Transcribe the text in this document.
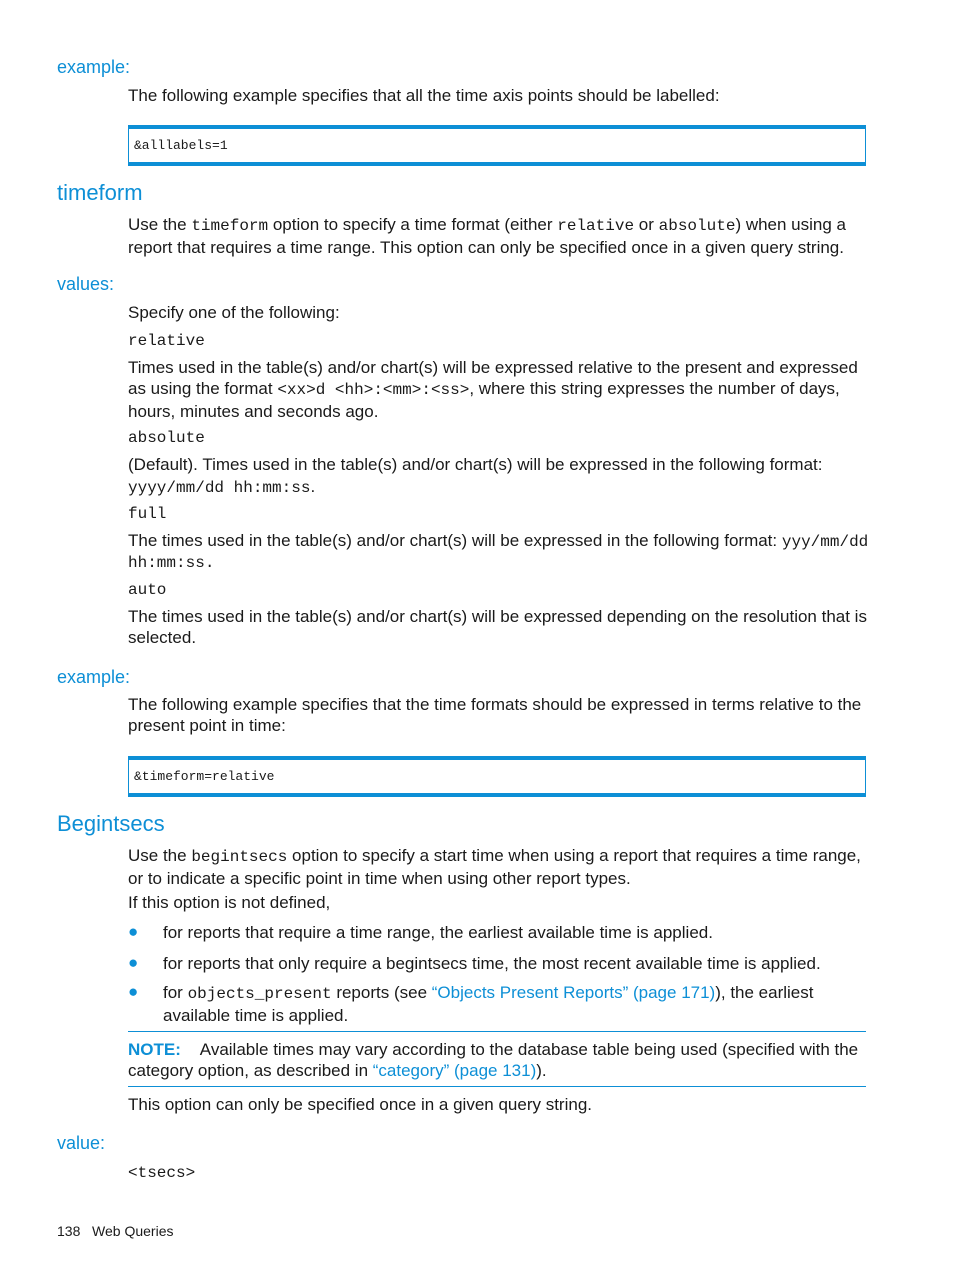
example:
The following example specifies that all the time axis points should be labelled:
&alllabels=1
timeform
Use the timeform option to specify a time format (either relative or absolute) when using a report that requires a time range. This option can only be specified once in a given query string.
values:
Specify one of the following:
relative
Times used in the table(s) and/or chart(s) will be expressed relative to the present and expressed as using the format <xx>d <hh>:<mm>:<ss>, where this string expresses the number of days, hours, minutes and seconds ago.
absolute
(Default). Times used in the table(s) and/or chart(s) will be expressed in the following format:
yyyy/mm/dd hh:mm:ss.
full
The times used in the table(s) and/or chart(s) will be expressed in the following format: yyy/mm/dd
hh:mm:ss.
auto
The times used in the table(s) and/or chart(s) will be expressed depending on the resolution that is selected.
example:
The following example specifies that the time formats should be expressed in terms relative to the present point in time:
&timeform=relative
Begintsecs
Use the begintsecs option to specify a start time when using a report that requires a time range, or to indicate a specific point in time when using other report types.
If this option is not defined,
● for reports that require a time range, the earliest available time is applied.
● for reports that only require a begintsecs time, the most recent available time is applied.
● for objects_present reports (see “Objects Present Reports” (page 171)), the earliest available time is applied.
NOTE: Available times may vary according to the database table being used (specified with the category option, as described in “category” (page 131)).
This option can only be specified once in a given query string.
value:
<tsecs>
138 Web Queries
